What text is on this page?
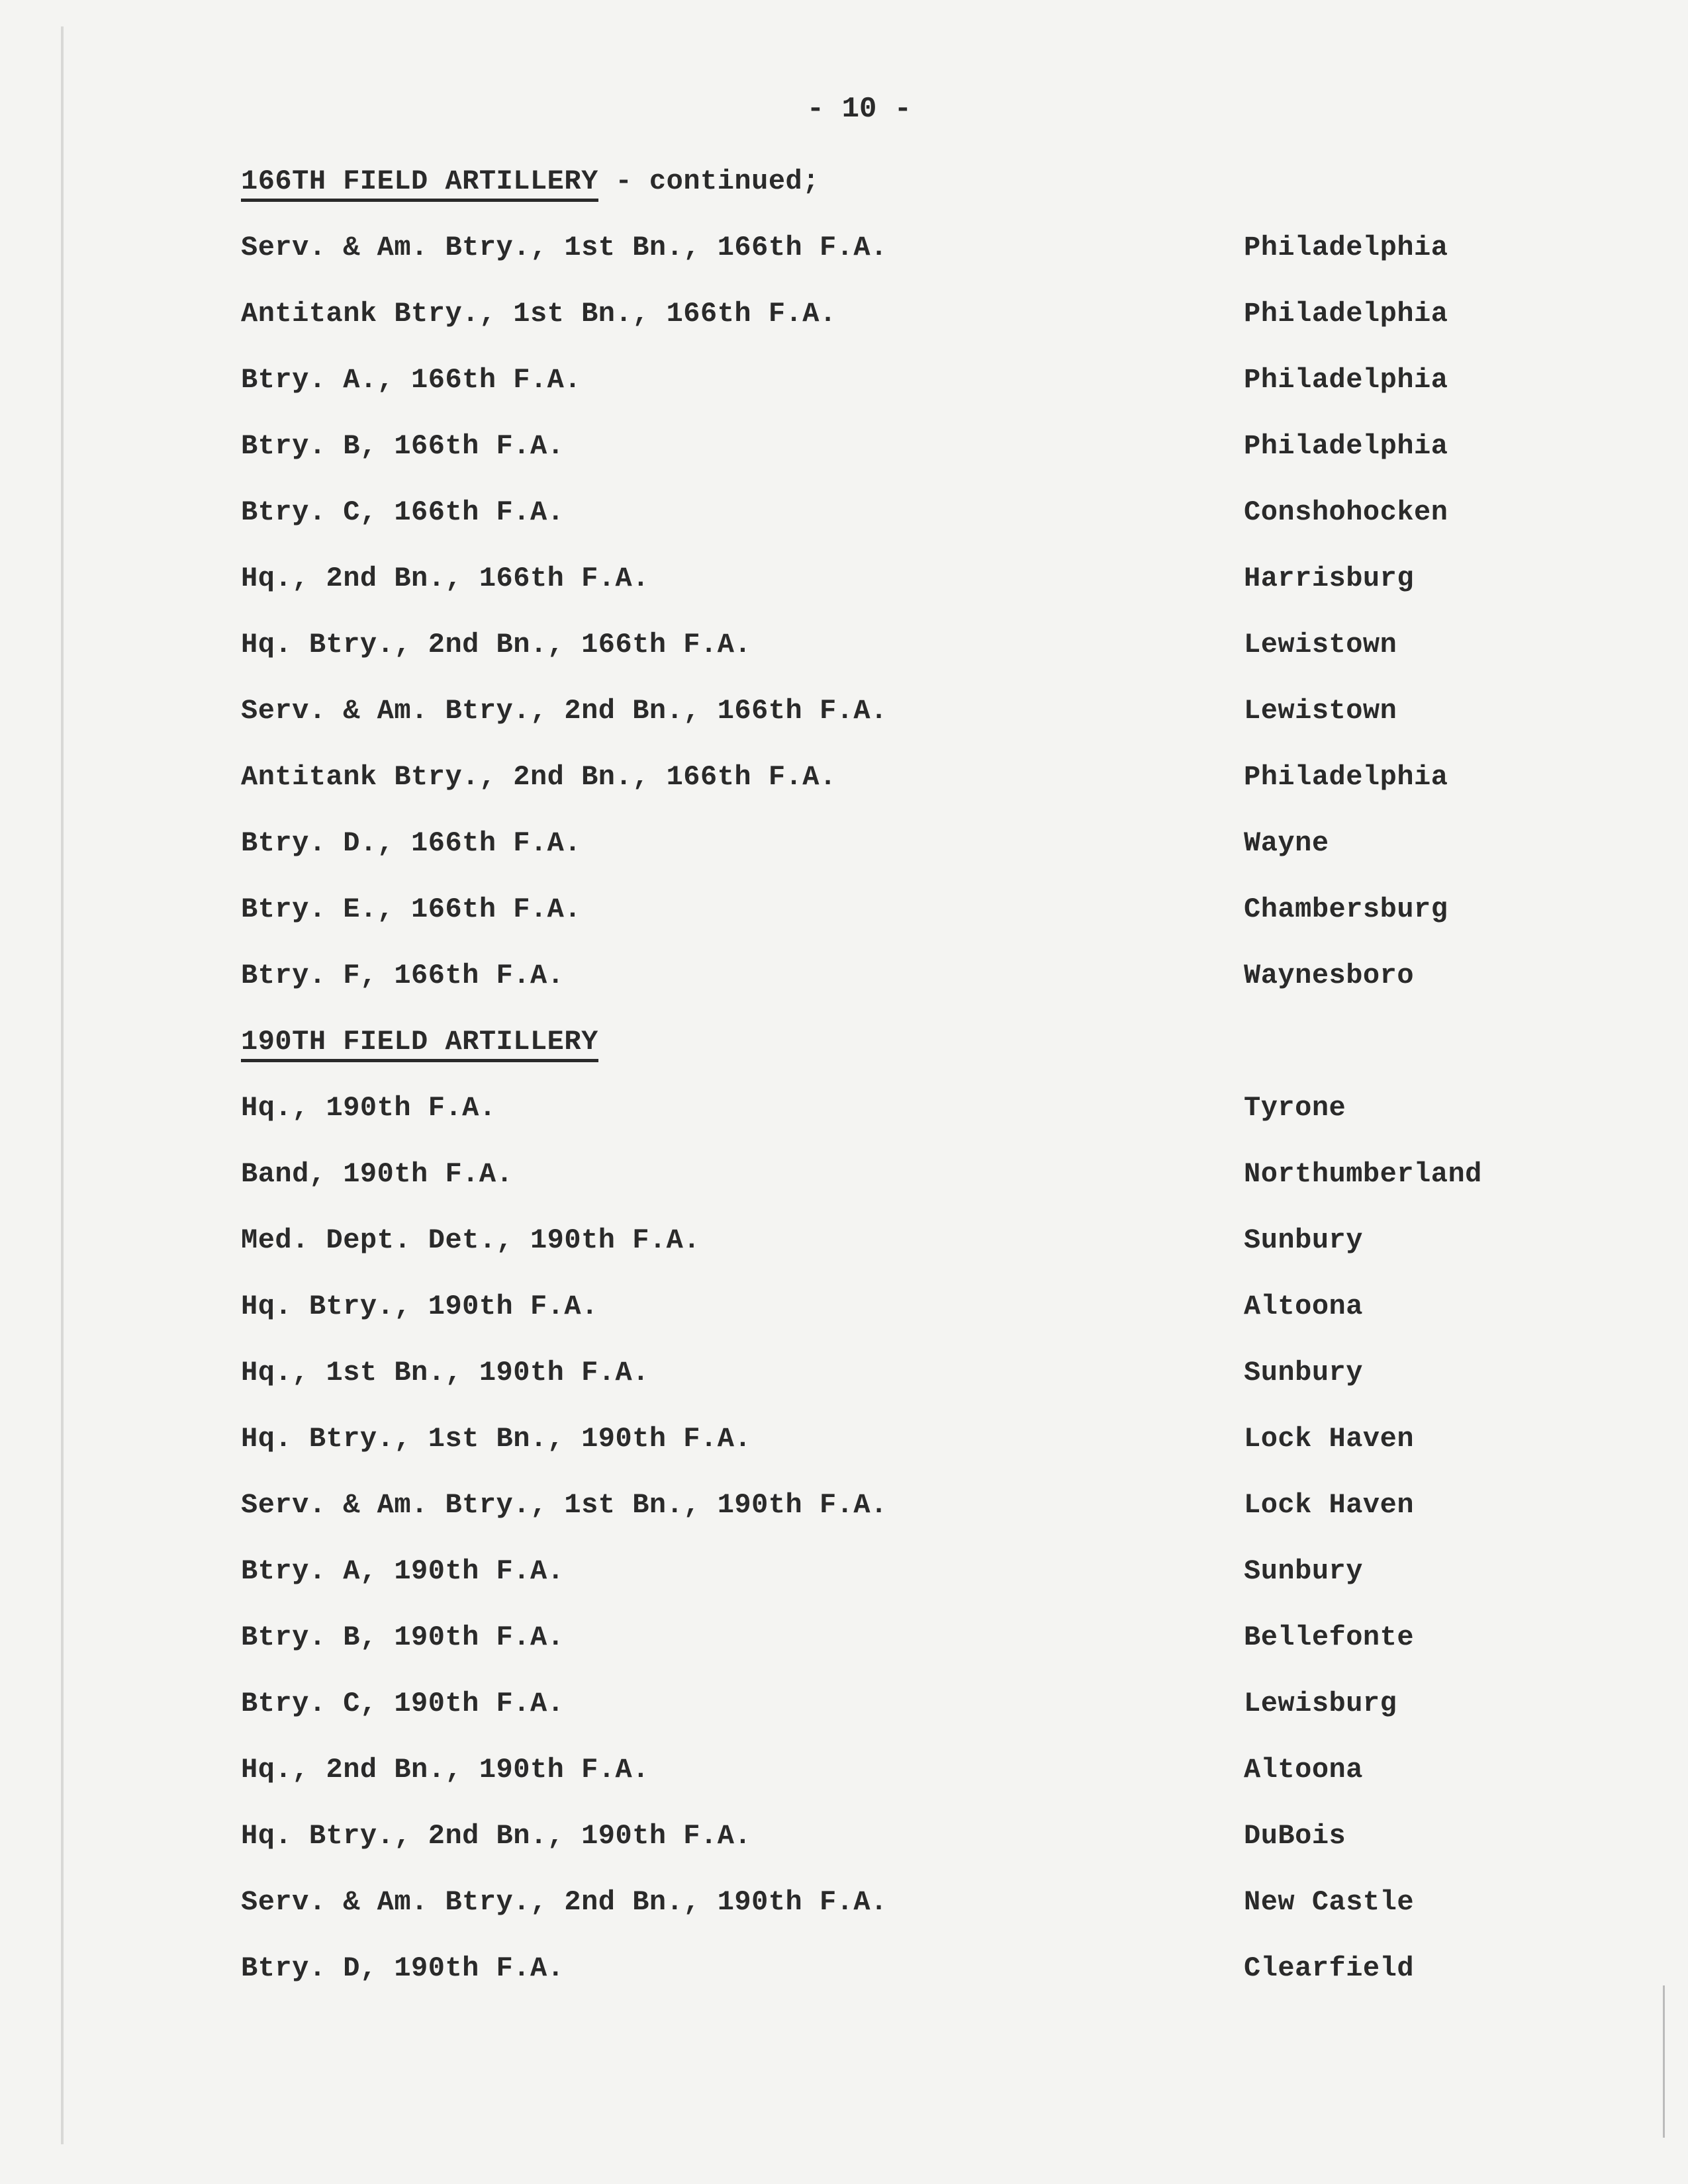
- 10 -
166TH FIELD ARTILLERY - continued;
Serv. & Am. Btry., 1st Bn., 166th F.A.	Philadelphia
Antitank Btry., 1st Bn., 166th F.A.	Philadelphia
Btry. A., 166th F.A.	Philadelphia
Btry. B, 166th F.A.	Philadelphia
Btry. C, 166th F.A.	Conshohocken
Hq., 2nd Bn., 166th F.A.	Harrisburg
Hq. Btry., 2nd Bn., 166th F.A.	Lewistown
Serv. & Am. Btry., 2nd Bn., 166th F.A.	Lewistown
Antitank Btry., 2nd Bn., 166th F.A.	Philadelphia
Btry. D., 166th F.A.	Wayne
Btry. E., 166th F.A.	Chambersburg
Btry. F, 166th F.A.	Waynesboro
190TH FIELD ARTILLERY
Hq., 190th F.A.	Tyrone
Band, 190th F.A.	Northumberland
Med. Dept. Det., 190th F.A.	Sunbury
Hq. Btry., 190th F.A.	Altoona
Hq., 1st Bn., 190th F.A.	Sunbury
Hq. Btry., 1st Bn., 190th F.A.	Lock Haven
Serv. & Am. Btry., 1st Bn., 190th F.A.	Lock Haven
Btry. A, 190th F.A.	Sunbury
Btry. B, 190th F.A.	Bellefonte
Btry. C, 190th F.A.	Lewisburg
Hq., 2nd Bn., 190th F.A.	Altoona
Hq. Btry., 2nd Bn., 190th F.A.	DuBois
Serv. & Am. Btry., 2nd Bn., 190th F.A.	New Castle
Btry. D, 190th F.A.	Clearfield
